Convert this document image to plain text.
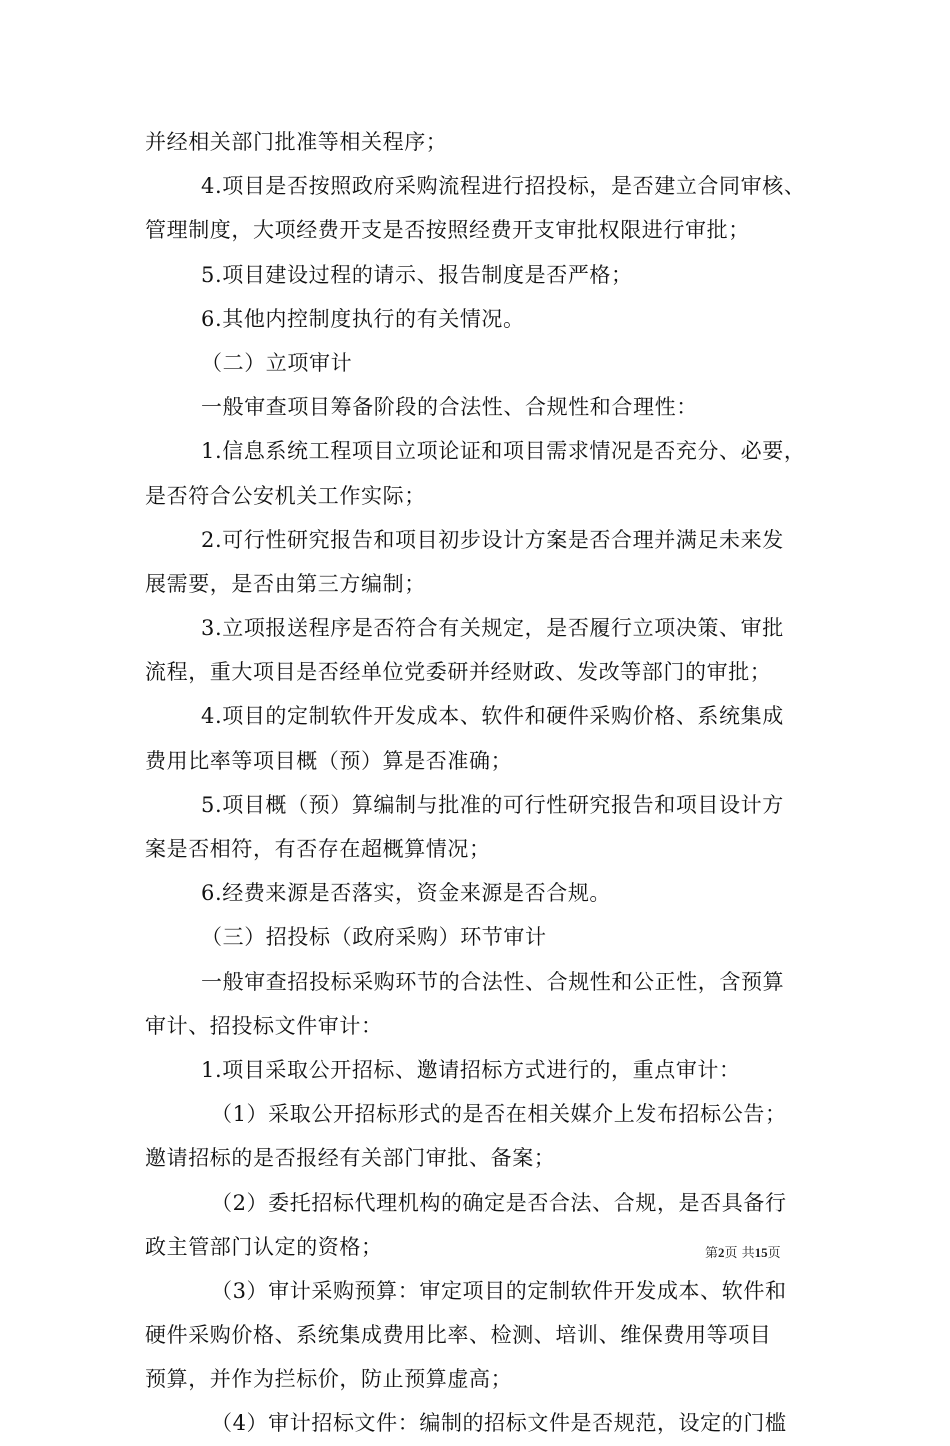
并经相关部门批准等相关程序；
4.项目是否按照政府采购流程进行招投标，是否建立合同审核、
管理制度，大项经费开支是否按照经费开支审批权限进行审批；
5.项目建设过程的请示、报告制度是否严格；
6.其他内控制度执行的有关情况。
（二）立项审计
一般审查项目筹备阶段的合法性、合规性和合理性：
1.信息系统工程项目立项论证和项目需求情况是否充分、必要，
是否符合公安机关工作实际；
2.可行性研究报告和项目初步设计方案是否合理并满足未来发
展需要，是否由第三方编制；
3.立项报送程序是否符合有关规定，是否履行立项决策、审批
流程，重大项目是否经单位党委研并经财政、发改等部门的审批；
4.项目的定制软件开发成本、软件和硬件采购价格、系统集成
费用比率等项目概（预）算是否准确；
5.项目概（预）算编制与批准的可行性研究报告和项目设计方
案是否相符，有否存在超概算情况；
6.经费来源是否落实，资金来源是否合规。
（三）招投标（政府采购）环节审计
一般审查招投标采购环节的合法性、合规性和公正性，含预算
审计、招投标文件审计：
1.项目采取公开招标、邀请招标方式进行的，重点审计：
（1）采取公开招标形式的是否在相关媒介上发布招标公告；
邀请招标的是否报经有关部门审批、备案；
（2）委托招标代理机构的确定是否合法、合规，是否具备行
政主管部门认定的资格；
（3）审计采购预算：审定项目的定制软件开发成本、软件和
硬件采购价格、系统集成费用比率、检测、培训、维保费用等项目
预算，并作为拦标价，防止预算虚高；
（4）审计招标文件：编制的招标文件是否规范，设定的门槛
第2页 共15页
